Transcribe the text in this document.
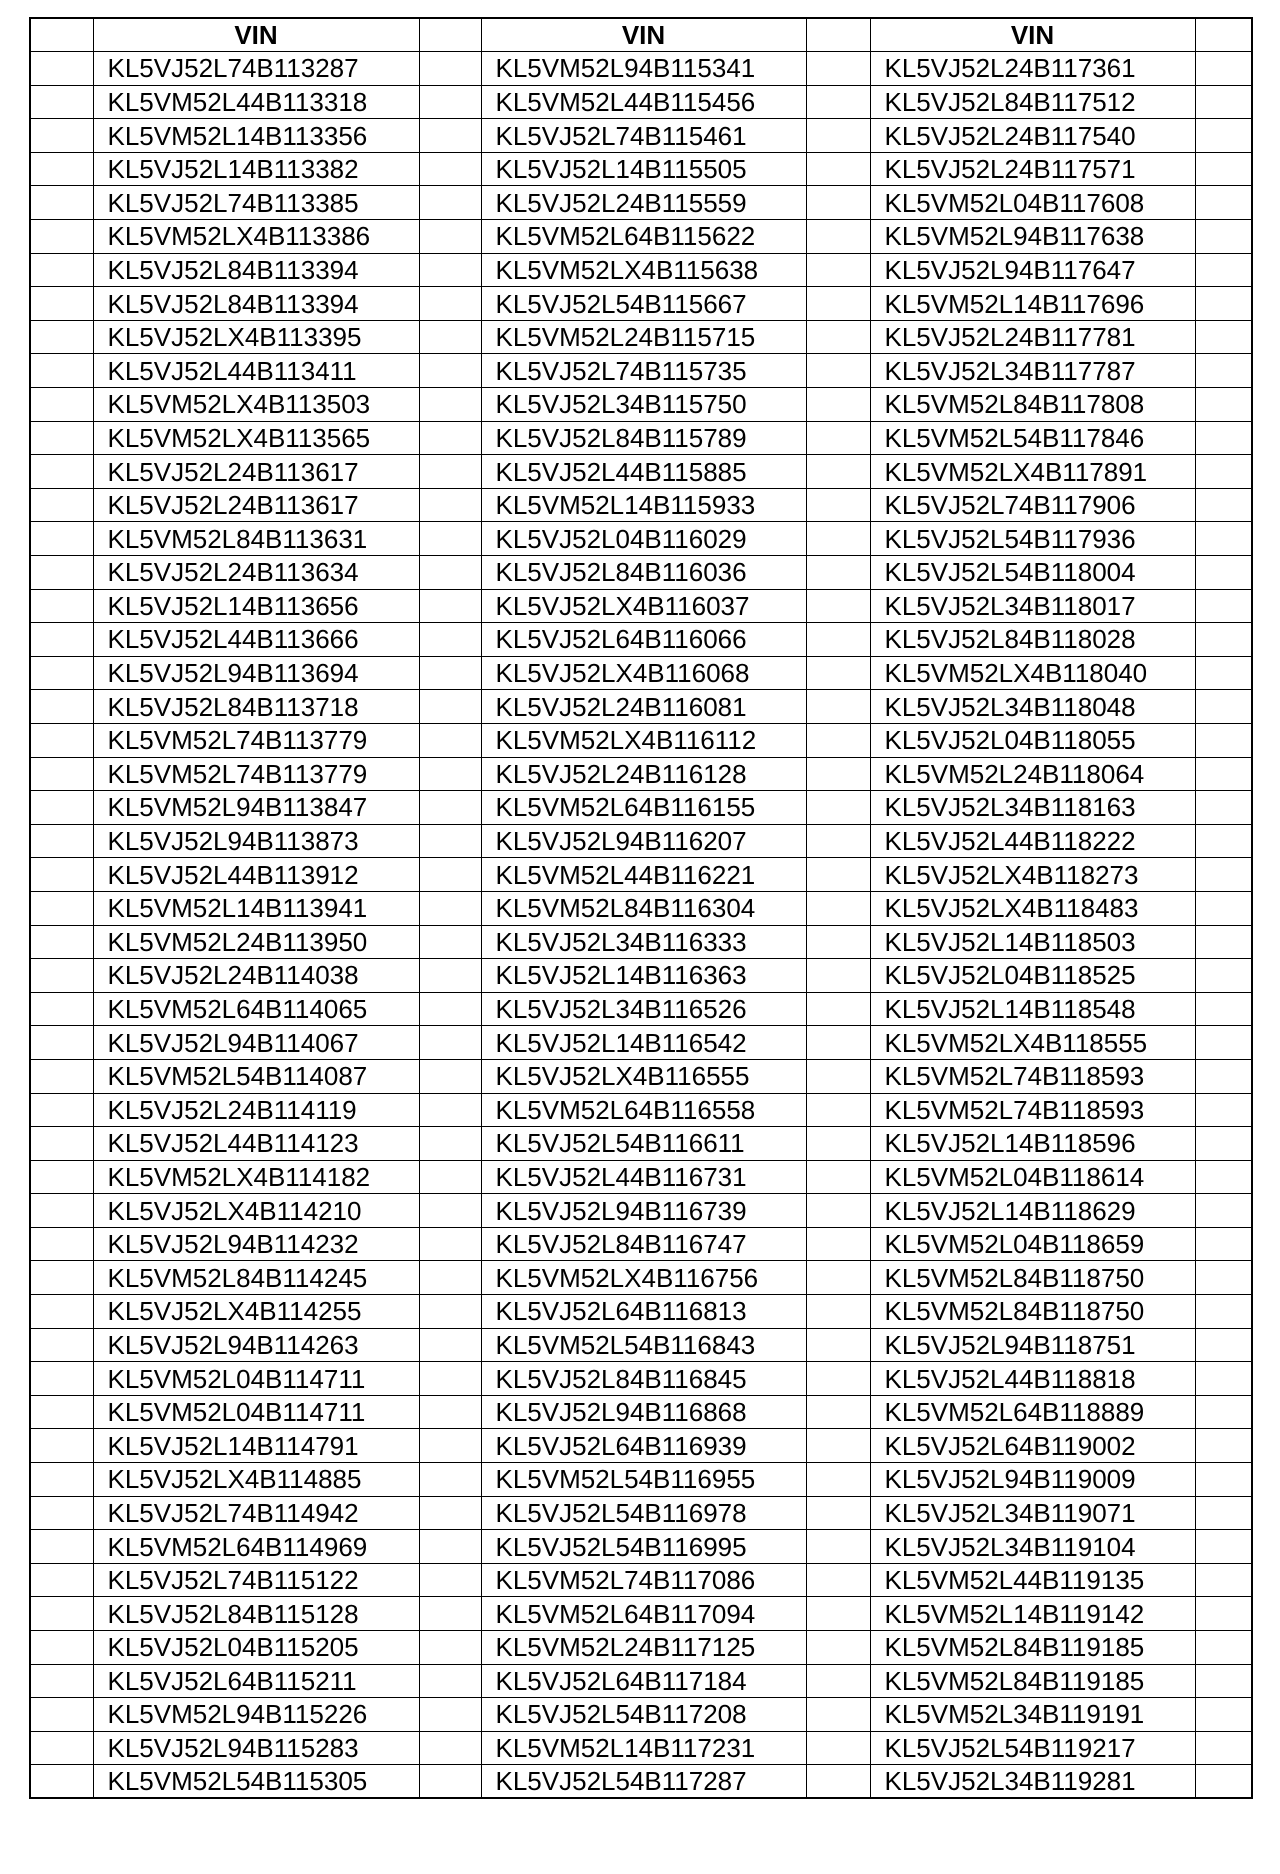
	VIN		VIN		VIN	
	KL5VJ52L74B113287		KL5VM52L94B115341		KL5VJ52L24B117361	
	KL5VM52L44B113318		KL5VM52L44B115456		KL5VJ52L84B117512	
	KL5VM52L14B113356		KL5VJ52L74B115461		KL5VJ52L24B117540	
	KL5VJ52L14B113382		KL5VJ52L14B115505		KL5VJ52L24B117571	
	KL5VJ52L74B113385		KL5VJ52L24B115559		KL5VM52L04B117608	
	KL5VM52LX4B113386		KL5VM52L64B115622		KL5VM52L94B117638	
	KL5VJ52L84B113394		KL5VM52LX4B115638		KL5VJ52L94B117647	
	KL5VJ52L84B113394		KL5VJ52L54B115667		KL5VM52L14B117696	
	KL5VJ52LX4B113395		KL5VM52L24B115715		KL5VJ52L24B117781	
	KL5VJ52L44B113411		KL5VJ52L74B115735		KL5VJ52L34B117787	
	KL5VM52LX4B113503		KL5VJ52L34B115750		KL5VM52L84B117808	
	KL5VM52LX4B113565		KL5VJ52L84B115789		KL5VM52L54B117846	
	KL5VJ52L24B113617		KL5VJ52L44B115885		KL5VM52LX4B117891	
	KL5VJ52L24B113617		KL5VM52L14B115933		KL5VJ52L74B117906	
	KL5VM52L84B113631		KL5VJ52L04B116029		KL5VJ52L54B117936	
	KL5VJ52L24B113634		KL5VJ52L84B116036		KL5VJ52L54B118004	
	KL5VJ52L14B113656		KL5VJ52LX4B116037		KL5VJ52L34B118017	
	KL5VJ52L44B113666		KL5VJ52L64B116066		KL5VJ52L84B118028	
	KL5VJ52L94B113694		KL5VJ52LX4B116068		KL5VM52LX4B118040	
	KL5VJ52L84B113718		KL5VJ52L24B116081		KL5VJ52L34B118048	
	KL5VM52L74B113779		KL5VM52LX4B116112		KL5VJ52L04B118055	
	KL5VM52L74B113779		KL5VJ52L24B116128		KL5VM52L24B118064	
	KL5VM52L94B113847		KL5VM52L64B116155		KL5VJ52L34B118163	
	KL5VJ52L94B113873		KL5VJ52L94B116207		KL5VJ52L44B118222	
	KL5VJ52L44B113912		KL5VM52L44B116221		KL5VJ52LX4B118273	
	KL5VM52L14B113941		KL5VM52L84B116304		KL5VJ52LX4B118483	
	KL5VM52L24B113950		KL5VJ52L34B116333		KL5VJ52L14B118503	
	KL5VJ52L24B114038		KL5VJ52L14B116363		KL5VJ52L04B118525	
	KL5VM52L64B114065		KL5VJ52L34B116526		KL5VJ52L14B118548	
	KL5VJ52L94B114067		KL5VJ52L14B116542		KL5VM52LX4B118555	
	KL5VM52L54B114087		KL5VJ52LX4B116555		KL5VM52L74B118593	
	KL5VJ52L24B114119		KL5VM52L64B116558		KL5VM52L74B118593	
	KL5VJ52L44B114123		KL5VJ52L54B116611		KL5VJ52L14B118596	
	KL5VM52LX4B114182		KL5VJ52L44B116731		KL5VM52L04B118614	
	KL5VJ52LX4B114210		KL5VJ52L94B116739		KL5VJ52L14B118629	
	KL5VJ52L94B114232		KL5VJ52L84B116747		KL5VM52L04B118659	
	KL5VM52L84B114245		KL5VM52LX4B116756		KL5VM52L84B118750	
	KL5VJ52LX4B114255		KL5VJ52L64B116813		KL5VM52L84B118750	
	KL5VJ52L94B114263		KL5VM52L54B116843		KL5VJ52L94B118751	
	KL5VM52L04B114711		KL5VJ52L84B116845		KL5VJ52L44B118818	
	KL5VM52L04B114711		KL5VJ52L94B116868		KL5VM52L64B118889	
	KL5VJ52L14B114791		KL5VJ52L64B116939		KL5VJ52L64B119002	
	KL5VJ52LX4B114885		KL5VM52L54B116955		KL5VJ52L94B119009	
	KL5VJ52L74B114942		KL5VJ52L54B116978		KL5VJ52L34B119071	
	KL5VM52L64B114969		KL5VJ52L54B116995		KL5VJ52L34B119104	
	KL5VJ52L74B115122		KL5VM52L74B117086		KL5VM52L44B119135	
	KL5VJ52L84B115128		KL5VM52L64B117094		KL5VM52L14B119142	
	KL5VJ52L04B115205		KL5VM52L24B117125		KL5VM52L84B119185	
	KL5VJ52L64B115211		KL5VJ52L64B117184		KL5VM52L84B119185	
	KL5VM52L94B115226		KL5VJ52L54B117208		KL5VM52L34B119191	
	KL5VJ52L94B115283		KL5VM52L14B117231		KL5VJ52L54B119217	
	KL5VM52L54B115305		KL5VJ52L54B117287		KL5VJ52L34B119281	
